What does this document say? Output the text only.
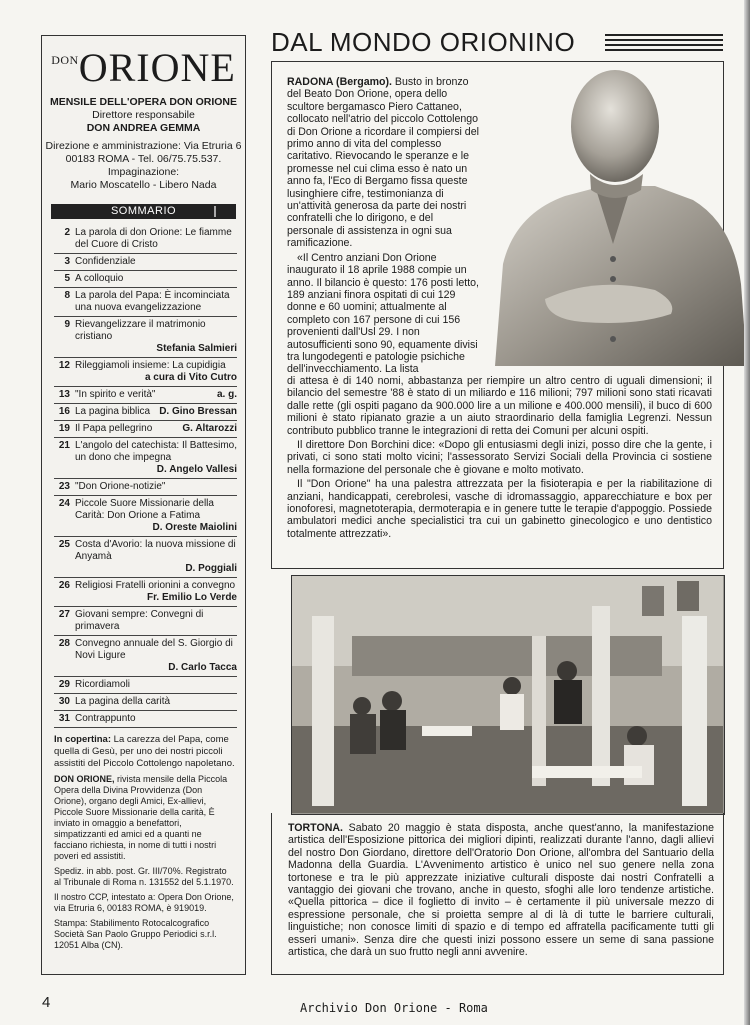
$^{DON}$ORIONE
MENSILE DELL'OPERA DON ORIONE
Direttore responsabile
DON ANDREA GEMMA
Direzione e amministrazione: Via Etruria 6
00183 ROMA - Tel. 06/75.75.537.
Impaginazione:
Mario Moscatello - Libero Nada
SOMMARIO
2 La parola di don Orione: Le fiamme del Cuore di Cristo
3 Confidenziale
5 A colloquio
8 La parola del Papa: È incominciata una nuova evangelizzazione
9 Rievangelizzare il matrimonio cristiano
Stefania Salmieri
12 Rileggiamoli insieme: La cupidigia
a cura di Vito Cutro
13 "In spirito e verità"	a. g.
16 La pagina biblica D. Gino Bressan
19 Il Papa pellegrino	G. Altarozzi
21 L'angolo del catechista: Il Battesimo, un dono che impegna
D. Angelo Vallesi
23 "Don Orione-notizie"
24 Piccole Suore Missionarie della Carità: Don Orione a Fatima
D. Oreste Maiolini
25 Costa d'Avorio: la nuova missione di Anyamà
D. Poggiali
26 Religiosi Fratelli orionini a convegno
Fr. Emilio Lo Verde
27 Giovani sempre: Convegni di primavera
28 Convegno annuale del S. Giorgio di Novi Ligure
D. Carlo Tacca
29 Ricordiamoli
30 La pagina della carità
31 Contrappunto
In copertina: La carezza del Papa, come quella di Gesù, per uno dei nostri piccoli assistiti del Piccolo Cottolengo napoletano.
DON ORIONE, rivista mensile della Piccola Opera della Divina Provvidenza (Don Orione), organo degli Amici, Ex-allievi, Piccole Suore Missionarie della carità, È inviato in omaggio a benefattori, simpatizzanti ed amici ed a quanti ne facciano richiesta, in nome di tutti i nostri poveri ed assistiti.
Spediz. in abb. post. Gr. III/70%. Registrato al Tribunale di Roma n. 131552 del 5.1.1970.
Il nostro CCP, intestato a: Opera Don Orione, via Etruria 6, 00183 ROMA, è 919019.
Stampa: Stabilimento Rotocalcografico Società San Paolo Gruppo Periodici s.r.l. 12051 Alba (CN).
DAL MONDO ORIONINO

RADONA (Bergamo). Busto in bronzo del Beato Don Orione, opera dello scultore bergamasco Piero Cattaneo, collocato nell'atrio del piccolo Cottolengo di Don Orione a ricordare il compiersi del primo anno di vita del complesso caritativo. Rievocando le speranze e le promesse nel cui clima esso è nato un anno fa, l'Eco di Bergamo fissa queste lusinghiere cifre, testimonianza di un'attività generosa da parte dei nostri confratelli che lo dirigono, e del personale di assistenza in ogni sua ramificazione.

«Il Centro anziani Don Orione inaugurato il 18 aprile 1988 compie un anno. Il bilancio è questo: 176 posti letto, 189 anziani finora ospitati di cui 129 donne e 60 uomini; attualmente al completo con 167 persone di cui 156 provenienti dall'Usl 29. I non autosufficienti sono 90, equamente divisi tra lungodegenti e patologie psichiche dell'invecchiamento. La lista

di attesa è di 140 nomi, abbastanza per riempire un altro centro di uguali dimensioni; il bilancio del semestre '88 è stato di un miliardo e 116 milioni; 797 milioni sono stati ricavati dalle rette (gli ospiti pagano da 900.000 lire a un milione e 400.000 mensili), il buco di 600 milioni è stato ripianato grazie a un aiuto straordinario della famiglia Legrenzi. Nessun contributo pubblico tranne le integrazioni di retta dei Comuni per alcuni ospiti.

Il direttore Don Borchini dice: «Dopo gli entusiasmi degli inizi, posso dire che la gente, i privati, ci sono stati molto vicini; l'assessorato Servizi Sociali della Provincia ci sostiene nella formazione del personale che è giovane e molto motivato.

Il "Don Orione" ha una palestra attrezzata per la fisioterapia e per la riabilitazione di anziani, handicappati, cerebrolesi, vasche di idromassaggio, apparecchiature e box per ionoforesi, magnetoterapia, dermoterapia e in genere tutte le terapie d'appoggio. Possiede ambulatori medici anche specialistici tra cui un gabinetto ginecologico e uno dentistico totalmente attrezzati».

TORTONA. Sabato 20 maggio è stata disposta, anche quest'anno, la manifestazione artistica dell'Esposizione pittorica dei migliori dipinti, realizzati durante l'anno, dagli allievi del nostro Don Giordano, direttore dell'Oratorio Don Orione, all'ombra del Santuario della Madonna della Guardia. L'Avvenimento artistico è unico nel suo genere nella zona tortonese e tra le più apprezzate iniziative culturali disposte dai nostri Confratelli a vantaggio dei giovani che trovano, anche in questo, sfoghi alle loro tendenze artistiche. «Quella pittorica – dice il foglietto di invito – è certamente il più universale mezzo di espressione personale, che si proietta sempre al di là di tutte le barriere culturali, linguistiche; non conosce limiti di spazio e di tempo ed affratella pacificamente tutti gli esseri umani». Senza dire che questi inizi possono essere un seme di sana passione artistica, che darà un suo frutto negli anni avvenire.

4	Archivio Don Orione - Roma
